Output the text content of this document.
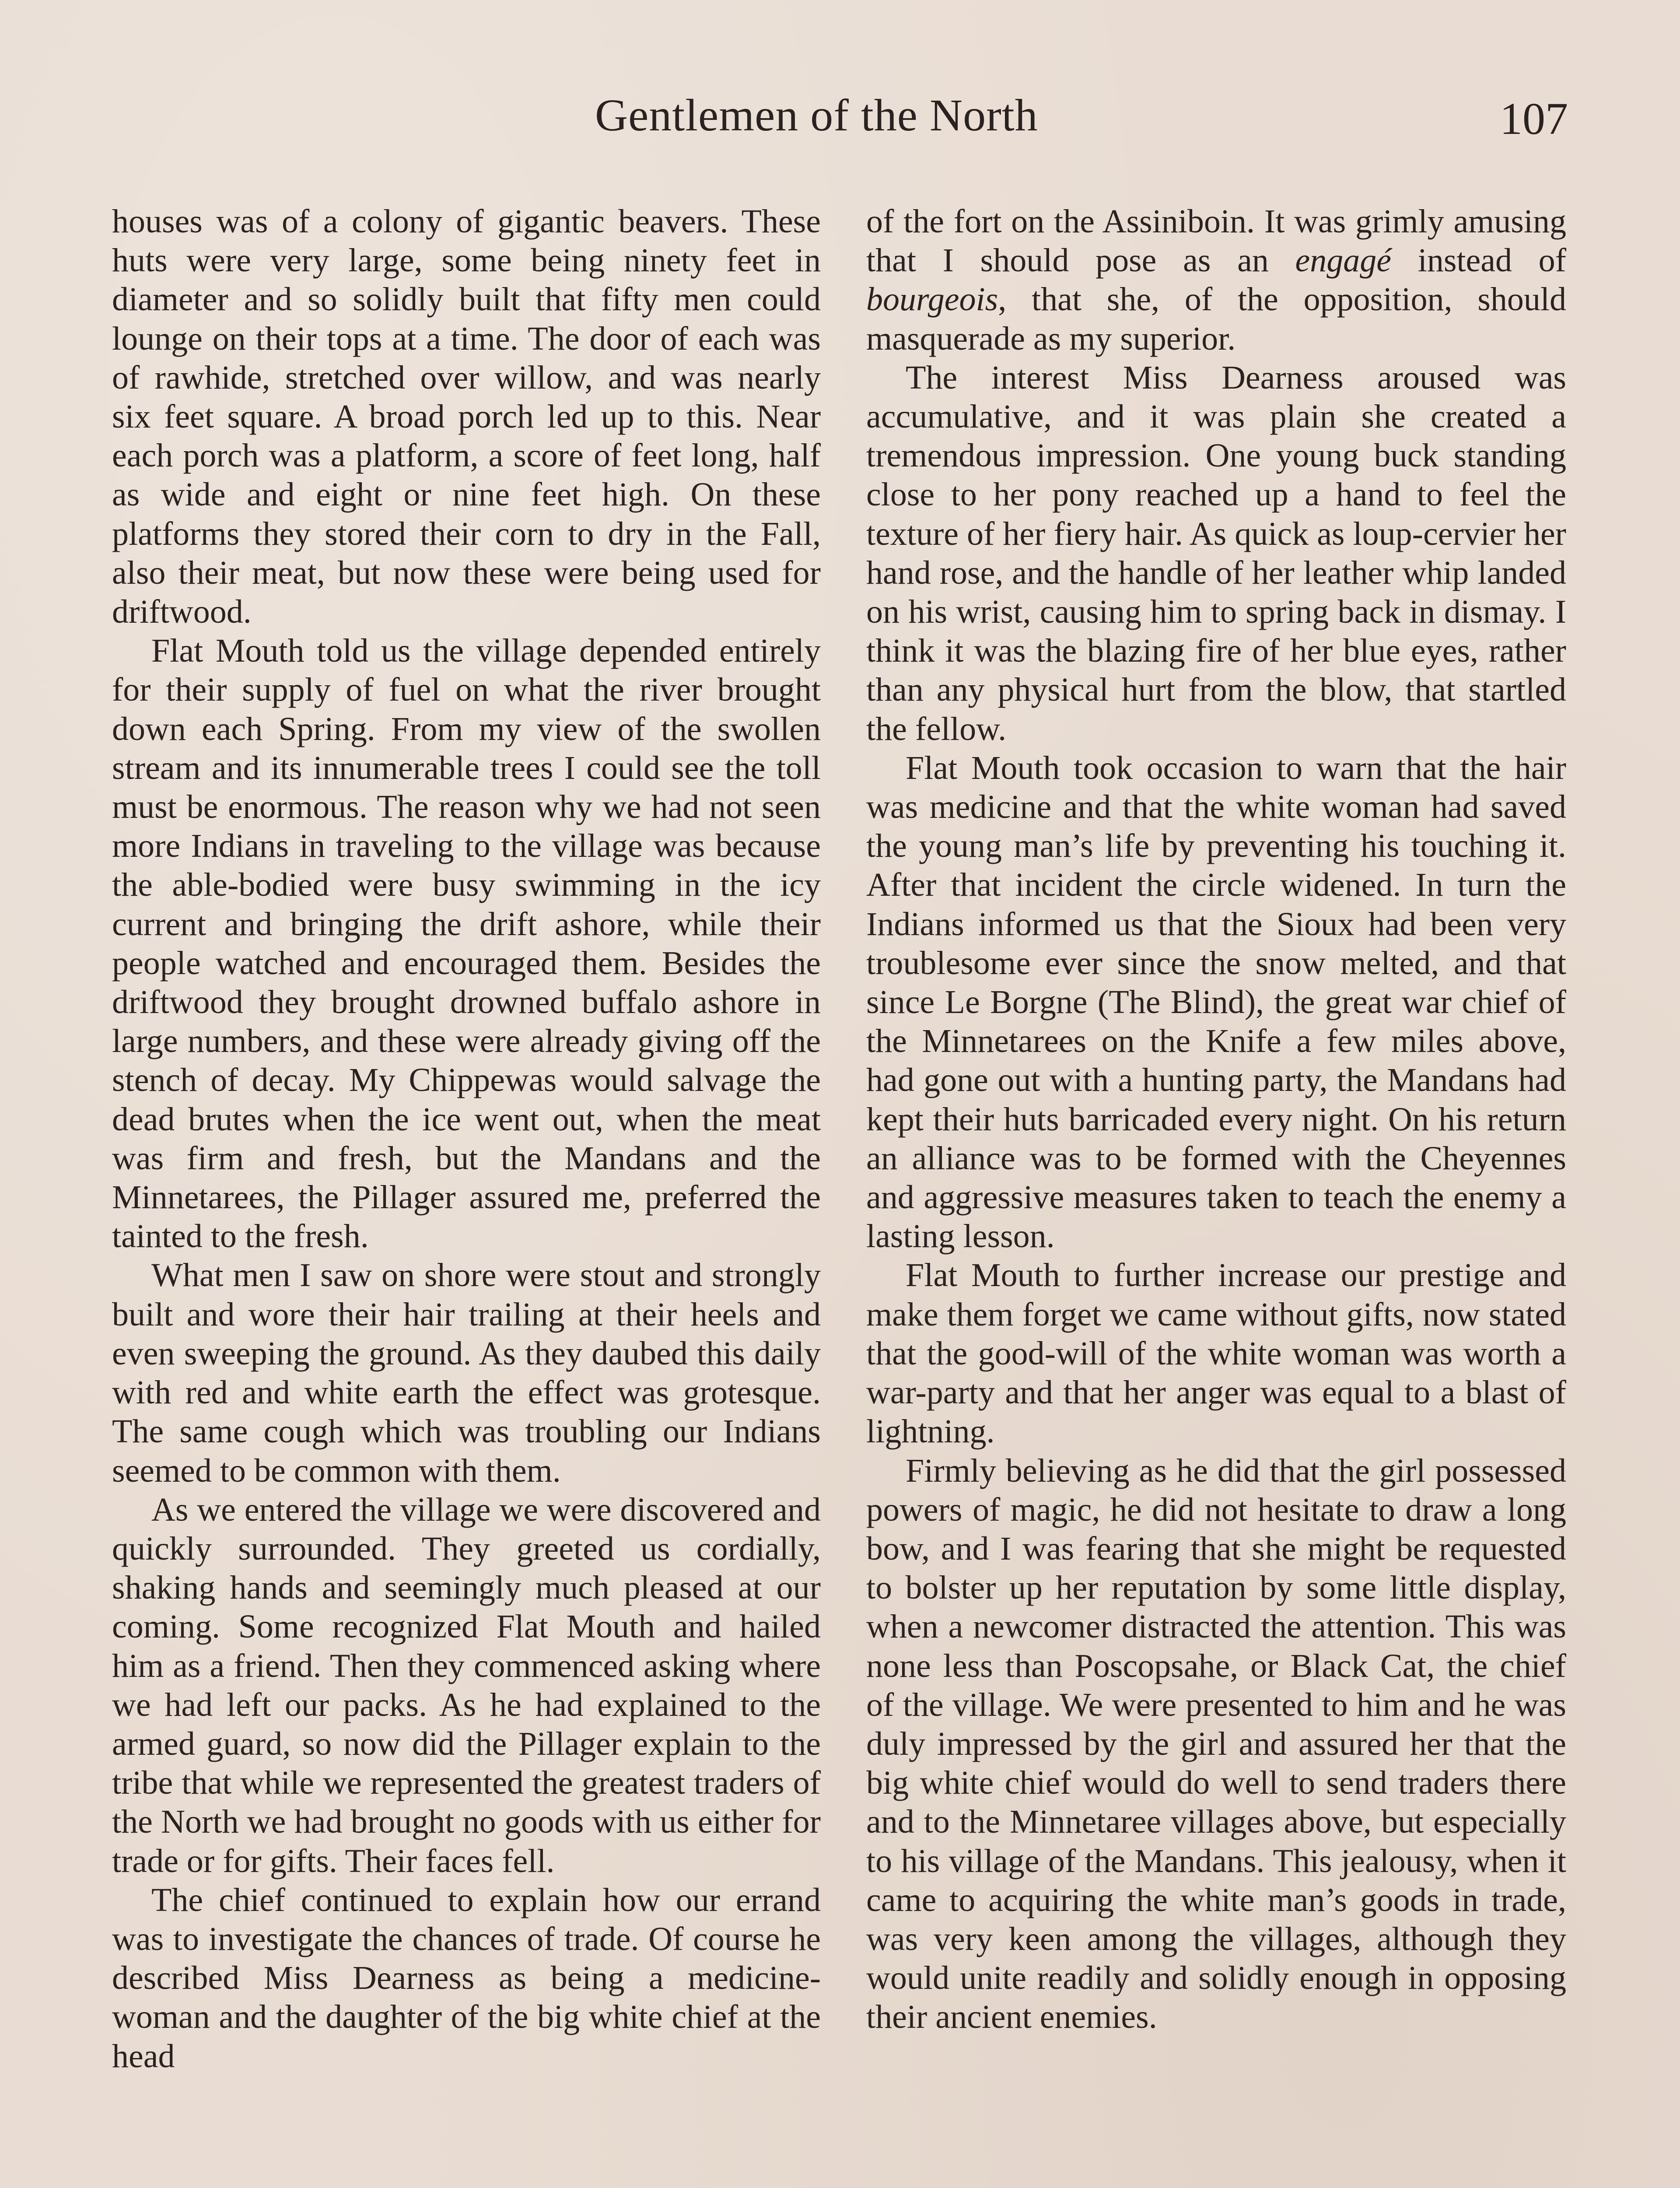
Gentlemen of the North	107

houses was of a colony of gigantic beavers. These huts were very large, some being ninety feet in diameter and so solidly built that fifty men could lounge on their tops at a time. The door of each was of rawhide, stretched over willow, and was nearly six feet square. A broad porch led up to this. Near each porch was a platform, a score of feet long, half as wide and eight or nine feet high. On these platforms they stored their corn to dry in the Fall, also their meat, but now these were being used for driftwood.

Flat Mouth told us the village depended entirely for their supply of fuel on what the river brought down each Spring. From my view of the swollen stream and its innumerable trees I could see the toll must be enormous. The reason why we had not seen more Indians in traveling to the village was because the able-bodied were busy swimming in the icy current and bringing the drift ashore, while their people watched and encouraged them. Besides the driftwood they brought drowned buffalo ashore in large numbers, and these were already giving off the stench of decay. My Chippewas would salvage the dead brutes when the ice went out, when the meat was firm and fresh, but the Mandans and the Minnetarees, the Pillager assured me, preferred the tainted to the fresh.

What men I saw on shore were stout and strongly built and wore their hair trailing at their heels and even sweeping the ground. As they daubed this daily with red and white earth the effect was grotesque. The same cough which was troubling our Indians seemed to be common with them.

As we entered the village we were discovered and quickly surrounded. They greeted us cordially, shaking hands and seemingly much pleased at our coming. Some recognized Flat Mouth and hailed him as a friend. Then they commenced asking where we had left our packs. As he had explained to the armed guard, so now did the Pillager explain to the tribe that while we represented the greatest traders of the North we had brought no goods with us either for trade or for gifts. Their faces fell.

The chief continued to explain how our errand was to investigate the chances of trade. Of course he described Miss Dearness as being a medicine-woman and the daughter of the big white chief at the head

of the fort on the Assiniboin. It was grimly amusing that I should pose as an engagé instead of bourgeois, that she, of the opposition, should masquerade as my superior.

The interest Miss Dearness aroused was accumulative, and it was plain she created a tremendous impression. One young buck standing close to her pony reached up a hand to feel the texture of her fiery hair. As quick as loup-cervier her hand rose, and the handle of her leather whip landed on his wrist, causing him to spring back in dismay. I think it was the blazing fire of her blue eyes, rather than any physical hurt from the blow, that startled the fellow.

Flat Mouth took occasion to warn that the hair was medicine and that the white woman had saved the young man’s life by preventing his touching it. After that incident the circle widened. In turn the Indians informed us that the Sioux had been very troublesome ever since the snow melted, and that since Le Borgne (The Blind), the great war chief of the Minnetarees on the Knife a few miles above, had gone out with a hunting party, the Mandans had kept their huts barricaded every night. On his return an alliance was to be formed with the Cheyennes and aggressive measures taken to teach the enemy a lasting lesson.

Flat Mouth to further increase our prestige and make them forget we came without gifts, now stated that the good-will of the white woman was worth a war-party and that her anger was equal to a blast of lightning.

Firmly believing as he did that the girl possessed powers of magic, he did not hesitate to draw a long bow, and I was fearing that she might be requested to bolster up her reputation by some little display, when a newcomer distracted the attention. This was none less than Poscopsahe, or Black Cat, the chief of the village. We were presented to him and he was duly impressed by the girl and assured her that the big white chief would do well to send traders there and to the Minnetaree villages above, but especially to his village of the Mandans. This jealousy, when it came to acquiring the white man’s goods in trade, was very keen among the villages, although they would unite readily and solidly enough in opposing their ancient enemies.
